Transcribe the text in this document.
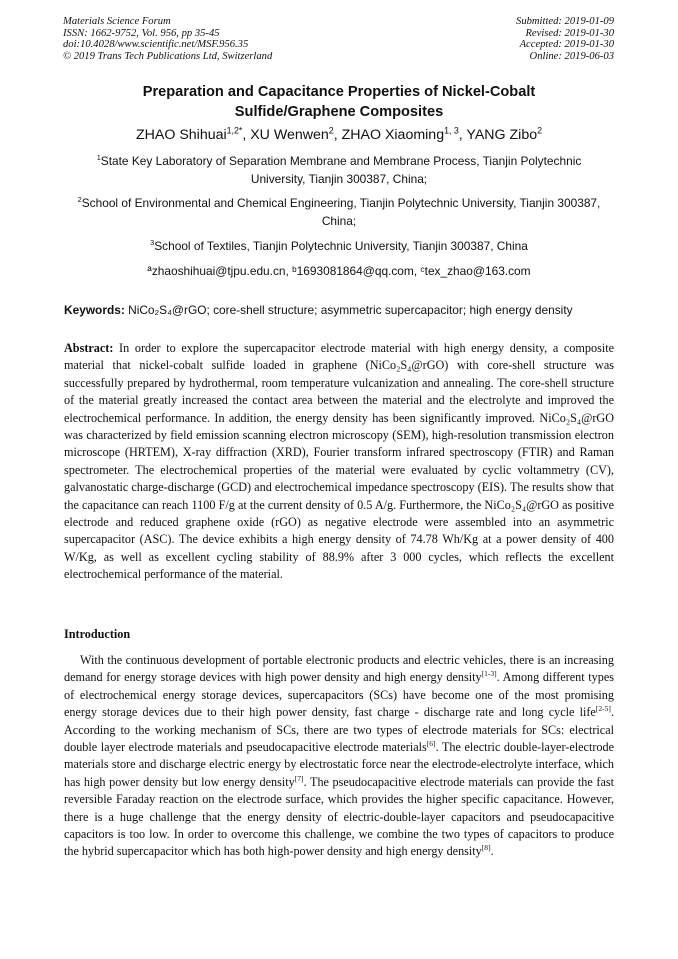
Materials Science Forum
ISSN: 1662-9752, Vol. 956, pp 35-45
doi:10.4028/www.scientific.net/MSF.956.35
© 2019 Trans Tech Publications Ltd, Switzerland
Submitted: 2019-01-09
Revised: 2019-01-30
Accepted: 2019-01-30
Online: 2019-06-03
Preparation and Capacitance Properties of Nickel-Cobalt
Sulfide/Graphene Composites
ZHAO Shihuai$^{1,2*}$, XU Wenwen$^2$, ZHAO Xiaoming$^{1, 3}$, YANG Zibo$^2$
$^1$State Key Laboratory of Separation Membrane and Membrane Process, Tianjin Polytechnic
University, Tianjin 300387, China;
$^2$School of Environmental and Chemical Engineering, Tianjin Polytechnic University, Tianjin 300387,
China;
$^3$School of Textiles, Tianjin Polytechnic University, Tianjin 300387, China
ªzhaoshihuai@tjpu.edu.cn, ᵇ1693081864@qq.com, ᶜtex_zhao@163.com
Keywords: NiCo₂S₄@rGO; core-shell structure; asymmetric supercapacitor; high energy density
Abstract: In order to explore the supercapacitor electrode material with high energy density, a composite material that nickel-cobalt sulfide loaded in graphene (NiCo₂S₄@rGO) with core-shell structure was successfully prepared by hydrothermal, room temperature vulcanization and annealing. The core-shell structure of the material greatly increased the contact area between the material and the electrolyte and improved the electrochemical performance. In addition, the energy density has been significantly improved. NiCo₂S₄@rGO was characterized by field emission scanning electron microscopy (SEM), high-resolution transmission electron microscope (HRTEM), X-ray diffraction (XRD), Fourier transform infrared spectroscopy (FTIR) and Raman spectrometer. The electrochemical properties of the material were evaluated by cyclic voltammetry (CV), galvanostatic charge-discharge (GCD) and electrochemical impedance spectroscopy (EIS). The results show that the capacitance can reach 1100 F/g at the current density of 0.5 A/g. Furthermore, the NiCo₂S₄@rGO as positive electrode and reduced graphene oxide (rGO) as negative electrode were assembled into an asymmetric supercapacitor (ASC). The device exhibits a high energy density of 74.78 Wh/Kg at a power density of 400 W/Kg, as well as excellent cycling stability of 88.9% after 3 000 cycles, which reflects the excellent electrochemical performance of the material.
Introduction
With the continuous development of portable electronic products and electric vehicles, there is an increasing demand for energy storage devices with high power density and high energy density[1-3]. Among different types of electrochemical energy storage devices, supercapacitors (SCs) have become one of the most promising energy storage devices due to their high power density, fast charge - discharge rate and long cycle life[2-5]. According to the working mechanism of SCs, there are two types of electrode materials for SCs: electrical double layer electrode materials and pseudocapacitive electrode materials[6]. The electric double-layer-electrode materials store and discharge electric energy by electrostatic force near the electrode-electrolyte interface, which has high power density but low energy density[7]. The pseudocapacitive electrode materials can provide the fast reversible Faraday reaction on the electrode surface, which provides the higher specific capacitance. However, there is a huge challenge that the energy density of electric-double-layer capacitors and pseudocapacitive capacitors is too low. In order to overcome this challenge, we combine the two types of capacitors to produce the hybrid supercapacitor which has both high-power density and high energy density[8].
